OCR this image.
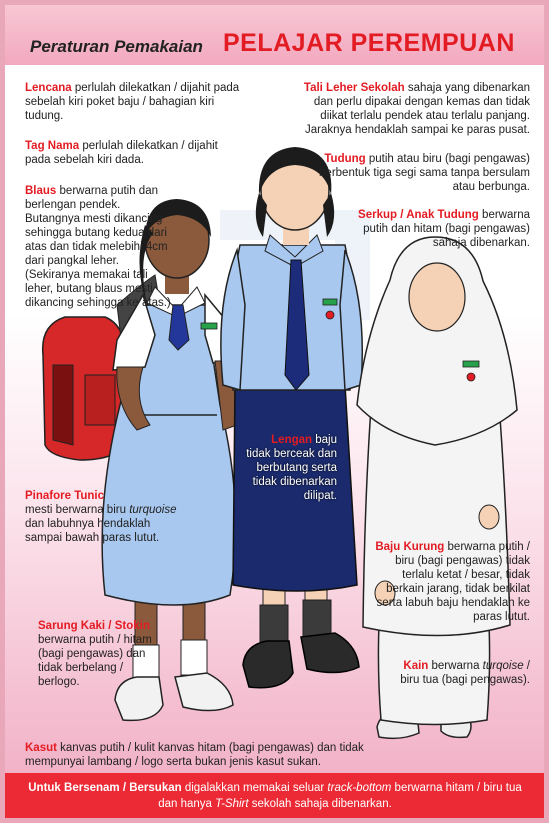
Peraturan Pemakaian PELAJAR PEREMPUAN
Lencana perlulah dilekatkan / dijahit pada sebelah kiri poket baju / bahagian kiri tudung.
Tag Nama perlulah dilekatkan / dijahit pada sebelah kiri dada.
Blaus berwarna putih dan berlengan pendek. Butangnya mesti dikancing sehingga butang kedua dari atas dan tidak melebihi 4cm dari pangkal leher. (Sekiranya memakai tali leher, butang blaus mesti dikancing sehingga ke atas.)
Pinafore Tunic
mesti berwarna biru turquoise dan labuhnya hendaklah sampai bawah paras lutut.
Sarung Kaki / Stokin berwarna putih / hitam (bagi pengawas) dan tidak berbelang / berlogo.
Tali Leher Sekolah sahaja yang dibenarkan dan perlu dipakai dengan kemas dan tidak diikat terlalu pendek atau terlalu panjang. Jaraknya hendaklah sampai ke paras pusat.
Tudung putih atau biru (bagi pengawas) berbentuk tiga segi sama tanpa bersulam atau berbunga.
Serkup / Anak Tudung berwarna putih dan hitam (bagi pengawas) sahaja dibenarkan.
Lengan baju tidak berceak dan berbutang serta tidak dibenarkan dilipat.
Baju Kurung berwarna putih / biru (bagi pengawas) tidak terlalu ketat / besar, tidak berkain jarang, tidak berkilat serta labuh baju hendaklah ke paras lutut.
Kain berwarna turqoise / biru tua (bagi pengawas).
Kasut kanvas putih / kulit kanvas hitam (bagi pengawas) dan tidak mempunyai lambang / logo serta bukan jenis kasut sukan.
Untuk Bersenam / Bersukan digalakkan memakai seluar track-bottom berwarna hitam / biru tua dan hanya T-Shirt sekolah sahaja dibenarkan.
